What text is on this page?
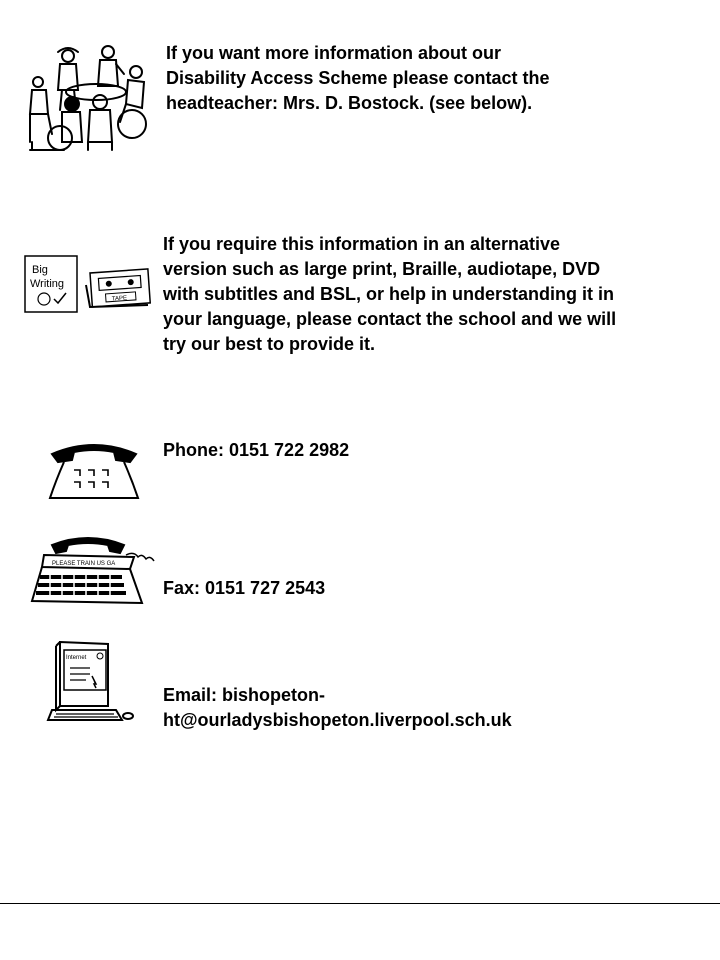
If you want more information about our
Disability Access Scheme please contact the
headteacher: Mrs. D. Bostock. (see below).

Big
Writing
TAPE

If you require this information in an alternative
version such as large print, Braille, audiotape, DVD
with subtitles and BSL, or help in understanding it in
your language, please contact the school and we will
try our best to provide it.

Phone: 0151 722 2982

PLEASE TRAIN US GA

Fax: 0151 727 2543

Internet

Email: bishopeton-
ht@ourladysbishopeton.liverpool.sch.uk
